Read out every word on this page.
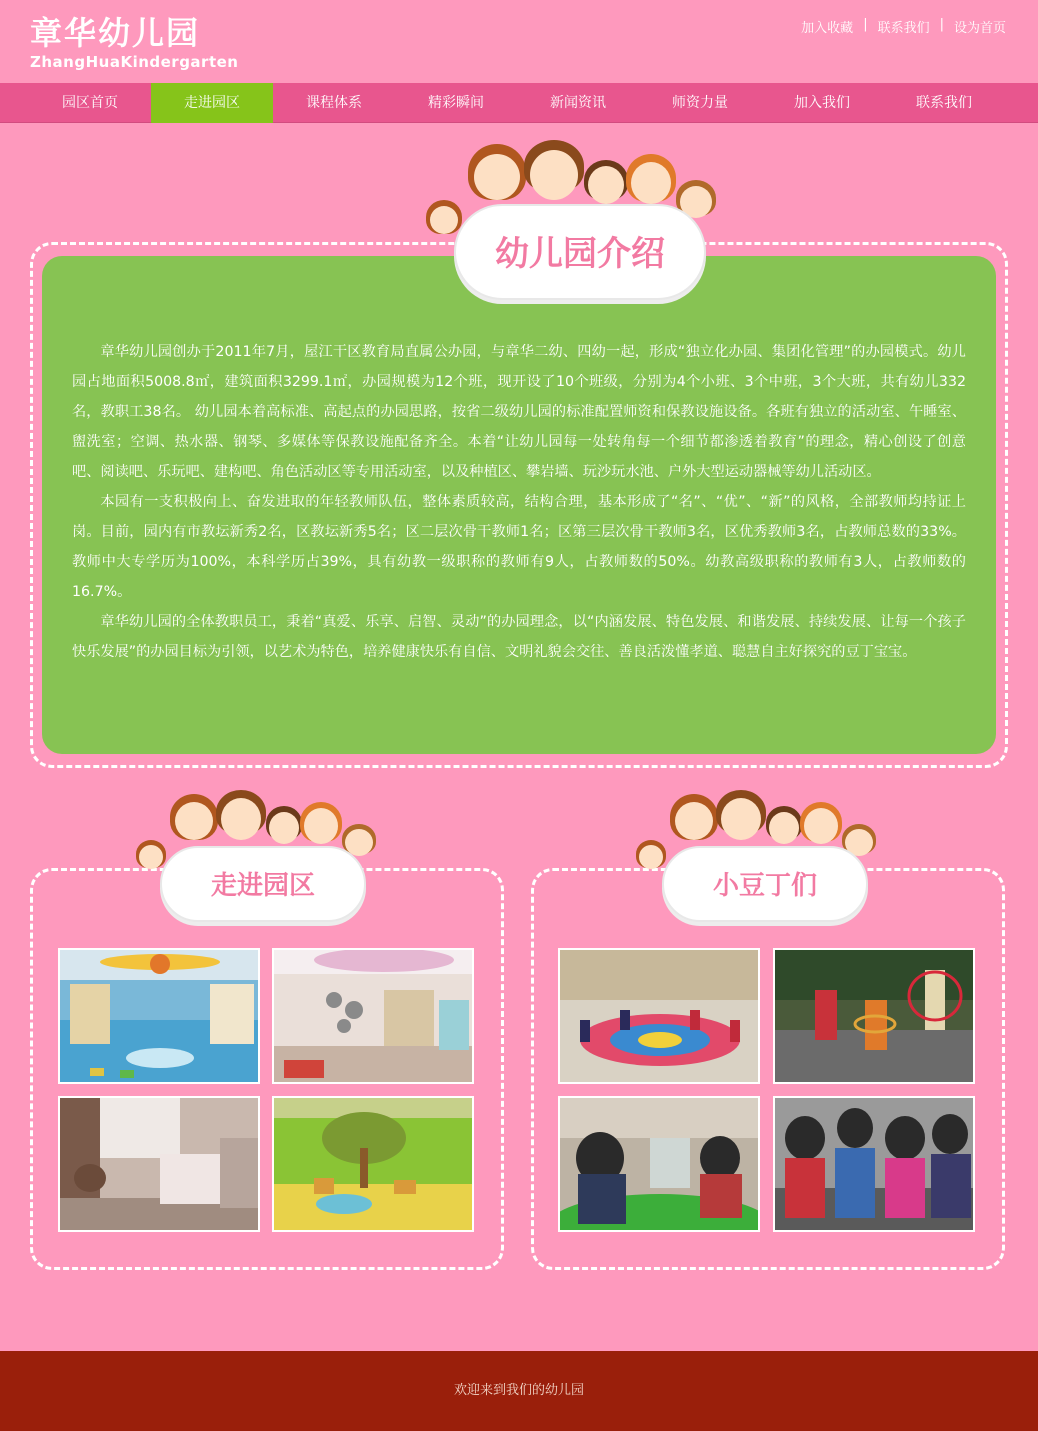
章华幼儿园
ZhangHuaKindergarten
加入收藏 | 联系我们 | 设为首页
园区首页	走进园区	课程体系	精彩瞬间	新闻资讯	师资力量	加入我们	联系我们
幼儿园介绍

章华幼儿园创办于2011年7月，屋江干区教育局直属公办园，与章华二幼、四幼一起，形成“独立化办园、集团化管理”的办园模式。幼儿园占地面积5008.8㎡，建筑面积3299.1㎡，办园规模为12个班，现开设了10个班级，分别为4个小班、3个中班，3个大班，共有幼儿332名，教职工38名。 幼儿园本着高标准、高起点的办园思路，按省二级幼儿园的标准配置师资和保教设施设备。各班有独立的活动室、午睡室、盥洗室；空调、热水器、钢琴、多媒体等保教设施配备齐全。本着“让幼儿园每一处转角每一个细节都渗透着教育”的理念，精心创设了创意吧、阅读吧、乐玩吧、建构吧、角色活动区等专用活动室，以及种植区、攀岩墙、玩沙玩水池、户外大型运动器械等幼儿活动区。

本园有一支积极向上、奋发进取的年轻教师队伍，整体素质较高，结构合理，基本形成了“名”、“优”、“新”的风格，全部教师均持证上岗。目前，园内有市教坛新秀2名，区教坛新秀5名；区二层次骨干教师1名；区第三层次骨干教师3名，区优秀教师3名，占教师总数的33%。教师中大专学历为100%，本科学历占39%，具有幼教一级职称的教师有9人，占教师数的50%。幼教高级职称的教师有3人，占教师数的16.7%。

章华幼儿园的全体教职员工，秉着“真爱、乐享、启智、灵动”的办园理念，以“内涵发展、特色发展、和谐发展、持续发展、让每一个孩子快乐发展”的办园目标为引领，以艺术为特色，培养健康快乐有自信、文明礼貌会交往、善良活泼懂孝道、聪慧自主好探究的豆丁宝宝。

走进园区	小豆丁们
欢迎来到我们的幼儿园
